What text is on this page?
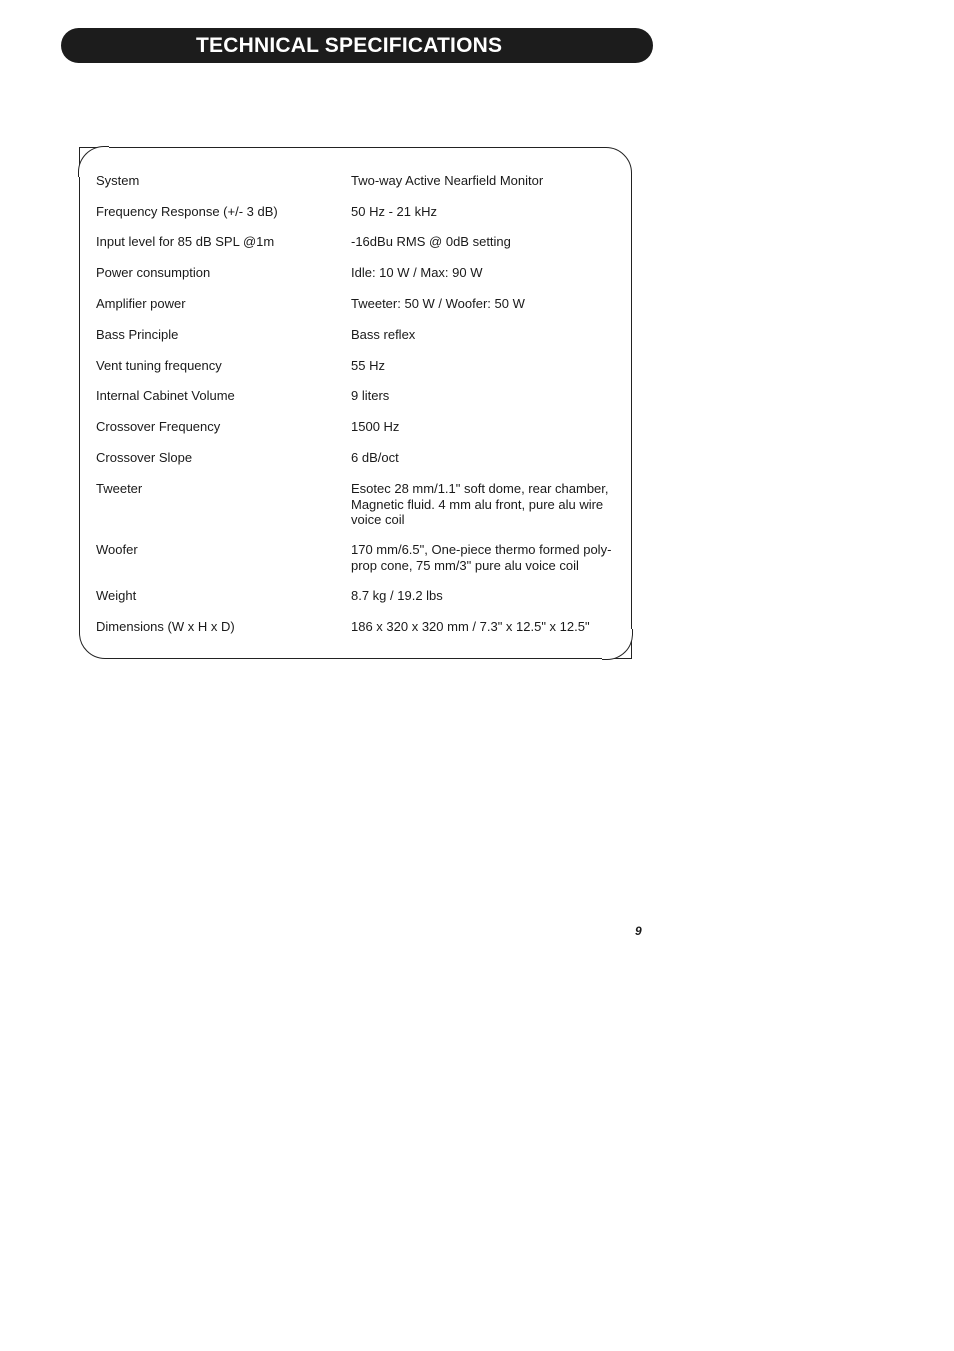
TECHNICAL SPECIFICATIONS
System	Two-way Active Nearfield Monitor
Frequency Response (+/- 3 dB)	50 Hz - 21 kHz
Input level for 85 dB SPL @1m	-16dBu RMS @ 0dB setting
Power consumption	Idle: 10 W / Max: 90 W
Amplifier power	Tweeter: 50 W / Woofer: 50 W
Bass Principle	Bass reflex
Vent tuning frequency	55 Hz
Internal Cabinet Volume	9 liters
Crossover Frequency	1500 Hz
Crossover Slope	6 dB/oct
Tweeter	Esotec 28 mm/1.1" soft dome, rear chamber,
Magnetic fluid. 4 mm alu front, pure alu wire
voice coil
Woofer	170 mm/6.5", One-piece thermo formed poly-
prop cone, 75 mm/3" pure alu voice coil
Weight	8.7 kg / 19.2 lbs
Dimensions (W x H x D)	186 x 320 x 320 mm / 7.3" x 12.5" x 12.5"
9
